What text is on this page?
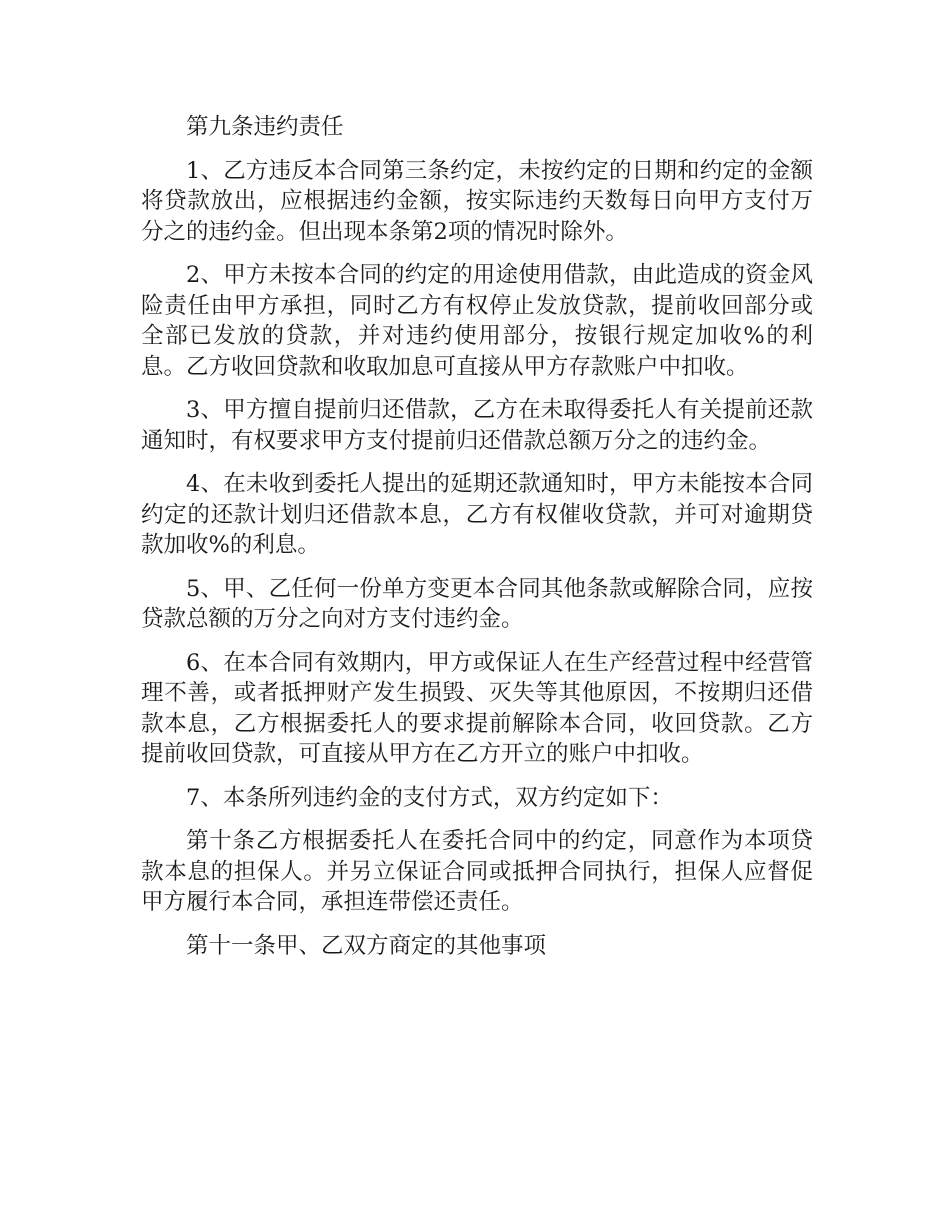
第九条违约责任

1、乙方违反本合同第三条约定，未按约定的日期和约定的金额将贷款放出，应根据违约金额，按实际违约天数每日向甲方支付万分之的违约金。但出现本条第2项的情况时除外。

2、甲方未按本合同的约定的用途使用借款，由此造成的资金风险责任由甲方承担，同时乙方有权停止发放贷款，提前收回部分或全部已发放的贷款，并对违约使用部分，按银行规定加收%的利息。乙方收回贷款和收取加息可直接从甲方存款账户中扣收。

3、甲方擅自提前归还借款，乙方在未取得委托人有关提前还款通知时，有权要求甲方支付提前归还借款总额万分之的违约金。

4、在未收到委托人提出的延期还款通知时，甲方未能按本合同约定的还款计划归还借款本息，乙方有权催收贷款，并可对逾期贷款加收%的利息。

5、甲、乙任何一份单方变更本合同其他条款或解除合同，应按贷款总额的万分之向对方支付违约金。

6、在本合同有效期内，甲方或保证人在生产经营过程中经营管理不善，或者抵押财产发生损毁、灭失等其他原因，不按期归还借款本息，乙方根据委托人的要求提前解除本合同，收回贷款。乙方提前收回贷款，可直接从甲方在乙方开立的账户中扣收。

7、本条所列违约金的支付方式，双方约定如下：

第十条乙方根据委托人在委托合同中的约定，同意作为本项贷款本息的担保人。并另立保证合同或抵押合同执行，担保人应督促甲方履行本合同，承担连带偿还责任。

第十一条甲、乙双方商定的其他事项
